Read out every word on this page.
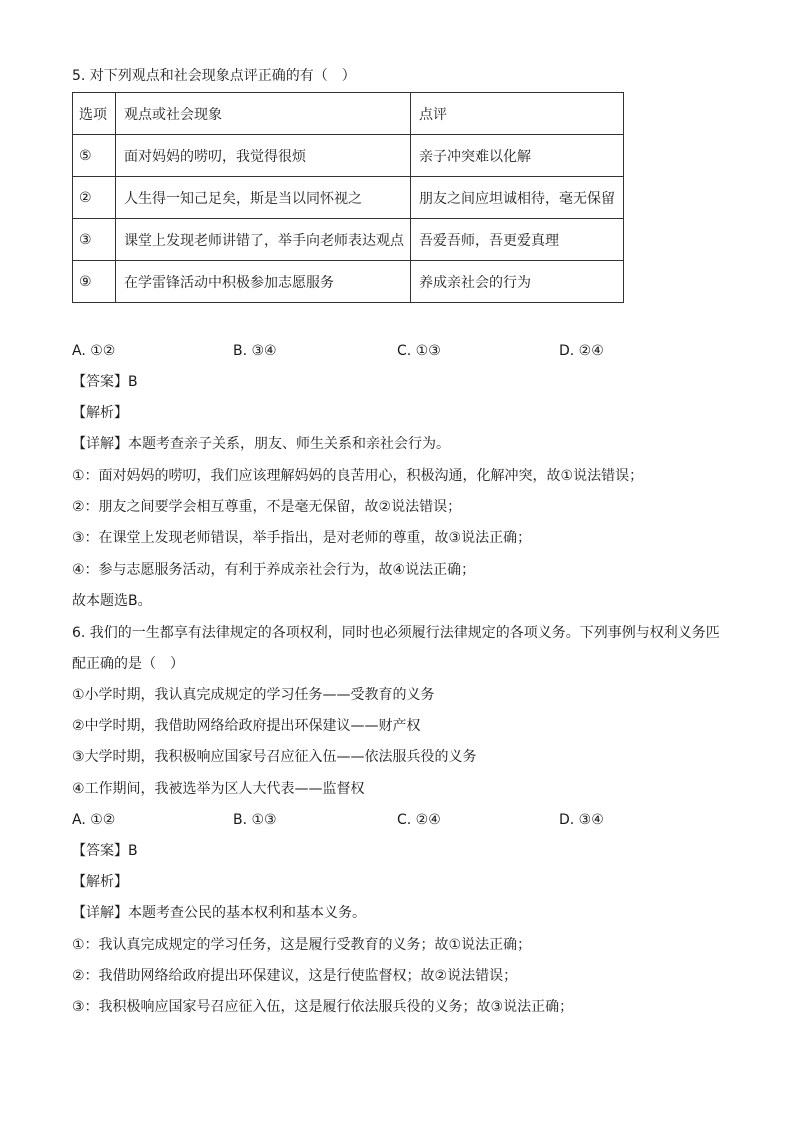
5. 对下列观点和社会现象点评正确的有（　）
选项	观点或社会现象	点评
⑤	面对妈妈的唠叨，我觉得很烦	亲子冲突难以化解
②	人生得一知己足矣，斯是当以同怀视之	朋友之间应坦诚相待，毫无保留
③	课堂上发现老师讲错了，举手向老师表达观点	吾爱吾师，吾更爱真理
⑨	在学雷锋活动中积极参加志愿服务	养成亲社会的行为
A. ①②	B. ③④	C. ①③	D. ②④
【答案】B
【解析】
【详解】本题考查亲子关系，朋友、师生关系和亲社会行为。
①：面对妈妈的唠叨，我们应该理解妈妈的良苦用心，积极沟通，化解冲突，故①说法错误；
②：朋友之间要学会相互尊重，不是毫无保留，故②说法错误；
③：在课堂上发现老师错误，举手指出，是对老师的尊重，故③说法正确；
④：参与志愿服务活动，有利于养成亲社会行为，故④说法正确；
故本题选B。
6. 我们的一生都享有法律规定的各项权利，同时也必须履行法律规定的各项义务。下列事例与权利义务匹
配正确的是（　）
①小学时期，我认真完成规定的学习任务——受教育的义务
②中学时期，我借助网络给政府提出环保建议——财产权
③大学时期，我积极响应国家号召应征入伍——依法服兵役的义务
④工作期间，我被选举为区人大代表——监督权
A. ①②	B. ①③	C. ②④	D. ③④
【答案】B
【解析】
【详解】本题考查公民的基本权利和基本义务。
①：我认真完成规定的学习任务，这是履行受教育的义务；故①说法正确；
②：我借助网络给政府提出环保建议，这是行使监督权；故②说法错误；
③：我积极响应国家号召应征入伍，这是履行依法服兵役的义务；故③说法正确；
